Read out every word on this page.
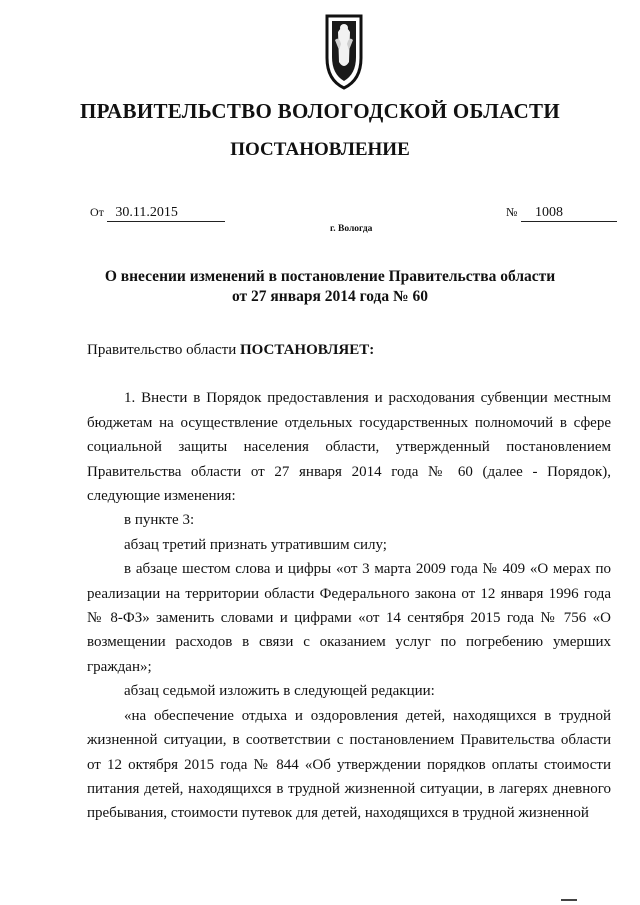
ПРАВИТЕЛЬСТВО ВОЛОГОДСКОЙ ОБЛАСТИ
ПОСТАНОВЛЕНИЕ
От 30.11.2015	№ 1008
г. Вологда
О внесении изменений в постановление Правительства области
от 27 января 2014 года № 60

Правительство области ПОСТАНОВЛЯЕТ:

1. Внести в Порядок предоставления и расходования субвенции местным бюджетам на осуществление отдельных государственных полномочий в сфере социальной защиты населения области, утвержденный постановлением Правительства области от 27 января 2014 года № 60 (далее - Порядок), следующие изменения:

в пункте 3:

абзац третий признать утратившим силу;

в абзаце шестом слова и цифры «от 3 марта 2009 года № 409 «О мерах по реализации на территории области Федерального закона от 12 января 1996 года № 8-ФЗ» заменить словами и цифрами «от 14 сентября 2015 года № 756 «О возмещении расходов в связи с оказанием услуг по погребению умерших граждан»;

абзац седьмой изложить в следующей редакции:

«на обеспечение отдыха и оздоровления детей, находящихся в трудной жизненной ситуации, в соответствии с постановлением Правительства области от 12 октября 2015 года № 844 «Об утверждении порядков оплаты стоимости питания детей, находящихся в трудной жизненной ситуации, в лагерях дневного пребывания, стоимости путевок для детей, находящихся в трудной жизненной
